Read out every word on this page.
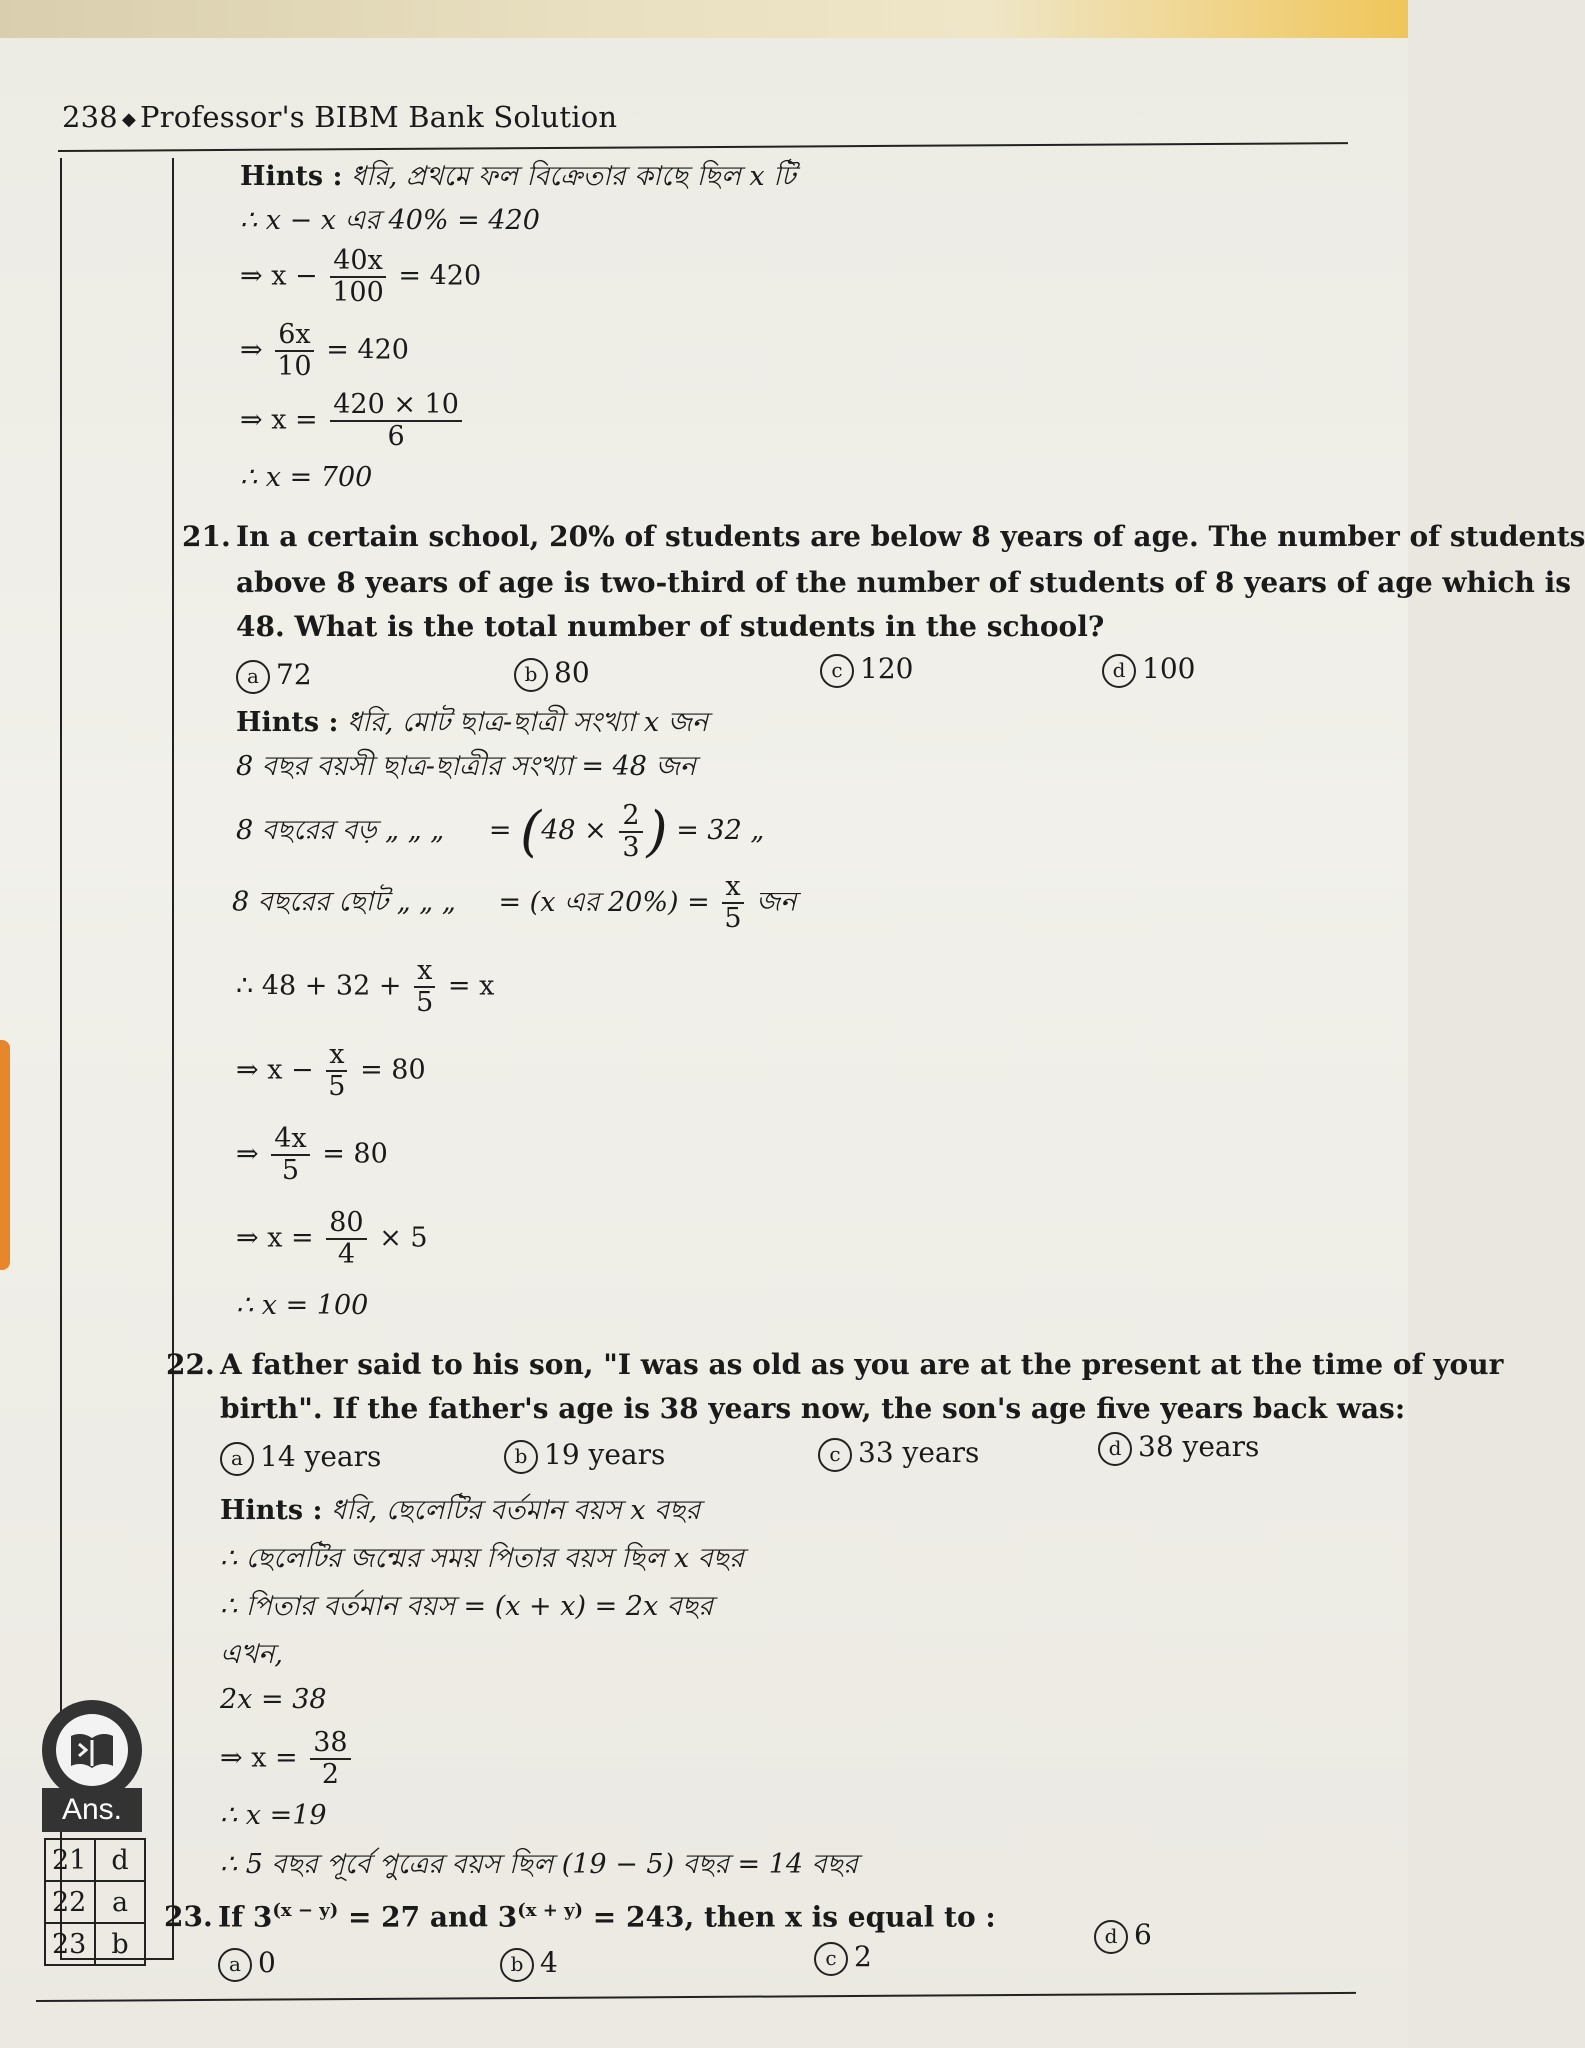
238 ◆ Professor's BIBM Bank Solution
Hints : ধরি, প্রথমে ফল বিক্রেতার কাছে ছিল x টি
∴ x − x এর 40% = 420
⇒ $x - \frac{40x}{100} = 420$
⇒ $\frac{6x}{10} = 420$
⇒ $x = \frac{420 \times 10}{6}$
∴ x = 700
21. In a certain school, 20% of students are below 8 years of age. The number of students
above 8 years of age is two-third of the number of students of 8 years of age which is
48. What is the total number of students in the school?
a 72	b 80	c 120	d 100
Hints : ধরি, মোট ছাত্র-ছাত্রী সংখ্যা x জন
8 বছর বয়সী ছাত্র-ছাত্রীর সংখ্যা = 48 জন
8 বছরের বড় „ „ „ = ($48 \times \frac{2}{3}$ ) = 32 „
8 বছরের ছোট „ „ „ = (x এর $20\%) = \frac{x}{5}$ জন
∴ $48 + 32 + \frac{x}{5} = x$
⇒ $x - \frac{x}{5} = 80$
⇒ $\frac{4x}{5} = 80$
⇒ $x = \frac{80}{4} \times 5$
∴ x = 100
22. A father said to his son, "I was as old as you are at the present at the time of your
birth". If the father's age is 38 years now, the son's age five years back was:
a 14 years	b 19 years	c 33 years	d 38 years
Hints : ধরি, ছেলেটির বর্তমান বয়স x বছর
∴ ছেলেটির জন্মের সময় পিতার বয়স ছিল x বছর
∴ পিতার বর্তমান বয়স = (x + x) = 2x বছর
এখন,
2x = 38
⇒ $x = \frac{38}{2}$
∴ x =19
∴ 5 বছর পূর্বে পুত্রের বয়স ছিল (19 − 5) বছর = 14 বছর
23. If $3^{(x - y)} = 27$ and $3^{(x + y)} = 243$, then x is equal to :
a 0	b 4	c 2
d 6
Ans.
21	d
22	a
23	b
